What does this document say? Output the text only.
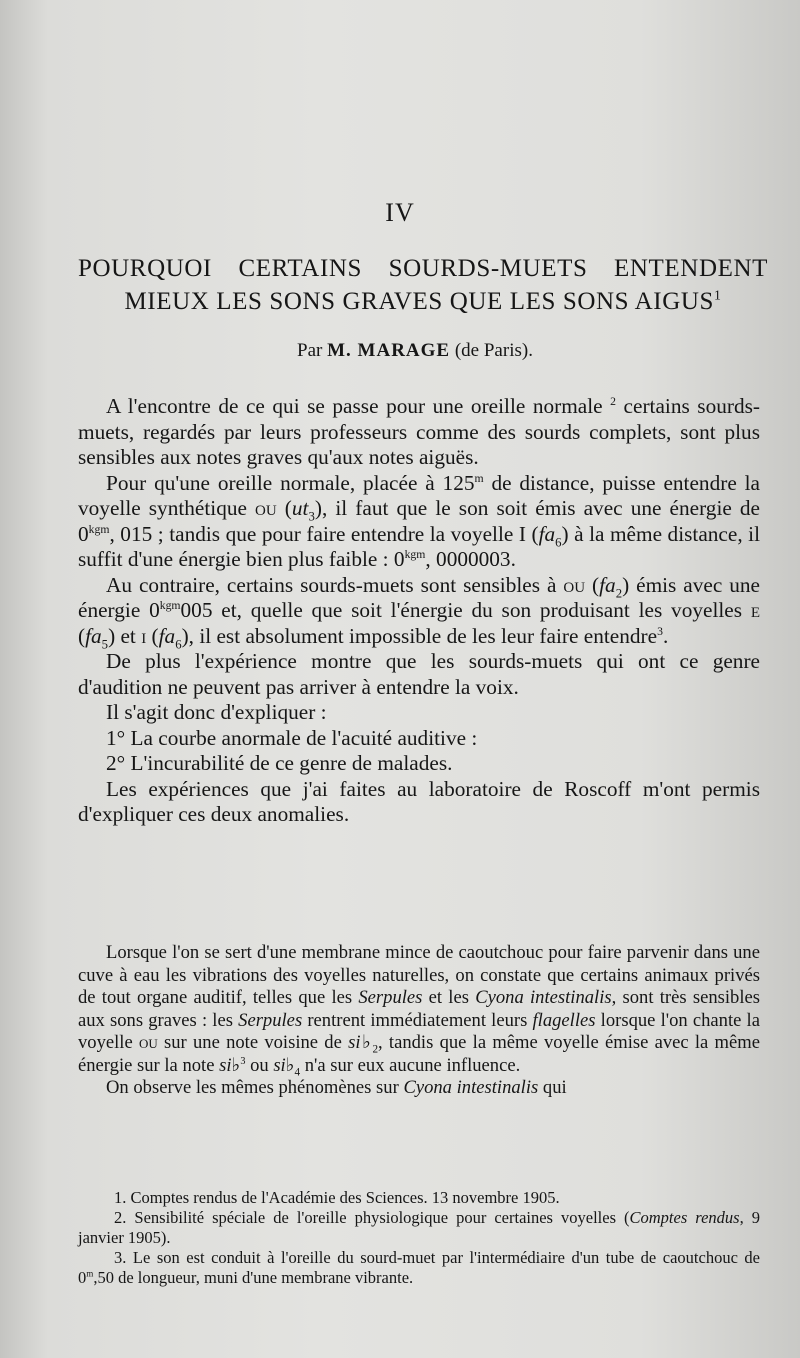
IV
POURQUOI CERTAINS SOURDS-MUETS ENTENDENT
MIEUX LES SONS GRAVES QUE LES SONS AIGUS$^1$
Par M. MARAGE (de Paris).

A l'encontre de ce qui se passe pour une oreille normale $^2$ certains sourds-muets, regardés par leurs professeurs comme des sourds complets, sont plus sensibles aux notes graves qu'aux notes aiguës.

Pour qu'une oreille normale, placée à 125$^m$ de distance, puisse entendre la voyelle synthétique ou $(ut_3)$, il faut que le son soit émis avec une énergie de $0^{kgm}$, 015 ; tandis que pour faire entendre la voyelle I $(fa_6)$ à la même distance, il suffit d'une énergie bien plus faible : $0^{kgm}$, 0000003.

Au contraire, certains sourds-muets sont sensibles à ou $(fa_2)$ émis avec une énergie $0^{kgm}005$ et, quelle que soit l'énergie du son produisant les voyelles e $(fa_5)$ et i $(fa_6)$, il est absolument impossible de les leur faire entendre$^3$.

De plus l'expérience montre que les sourds-muets qui ont ce genre d'audition ne peuvent pas arriver à entendre la voix.

Il s'agit donc d'expliquer :

1° La courbe anormale de l'acuité auditive :

2° L'incurabilité de ce genre de malades.

Les expériences que j'ai faites au laboratoire de Roscoff m'ont permis d'expliquer ces deux anomalies.

Lorsque l'on se sert d'une membrane mince de caoutchouc pour faire parvenir dans une cuve à eau les vibrations des voyelles naturelles, on constate que certains animaux privés de tout organe auditif, telles que les Serpules et les Cyona intestinalis, sont très sensibles aux sons graves : les Serpules rentrent immédiatement leurs flagelles lorsque l'on chante la voyelle ou sur une note voisine de $si♭_2$, tandis que la même voyelle émise avec la même énergie sur la note si♭$^3$ ou $si♭_4$ n'a sur eux aucune influence.

On observe les mêmes phénomènes sur Cyona intestinalis qui

1. Comptes rendus de l'Académie des Sciences. 13 novembre 1905.

2. Sensibilité spéciale de l'oreille physiologique pour certaines voyelles (Comptes rendus, 9 janvier 1905).

3. Le son est conduit à l'oreille du sourd-muet par l'intermédiaire d'un tube de caoutchouc de 0$^m$,50 de longueur, muni d'une membrane vibrante.
